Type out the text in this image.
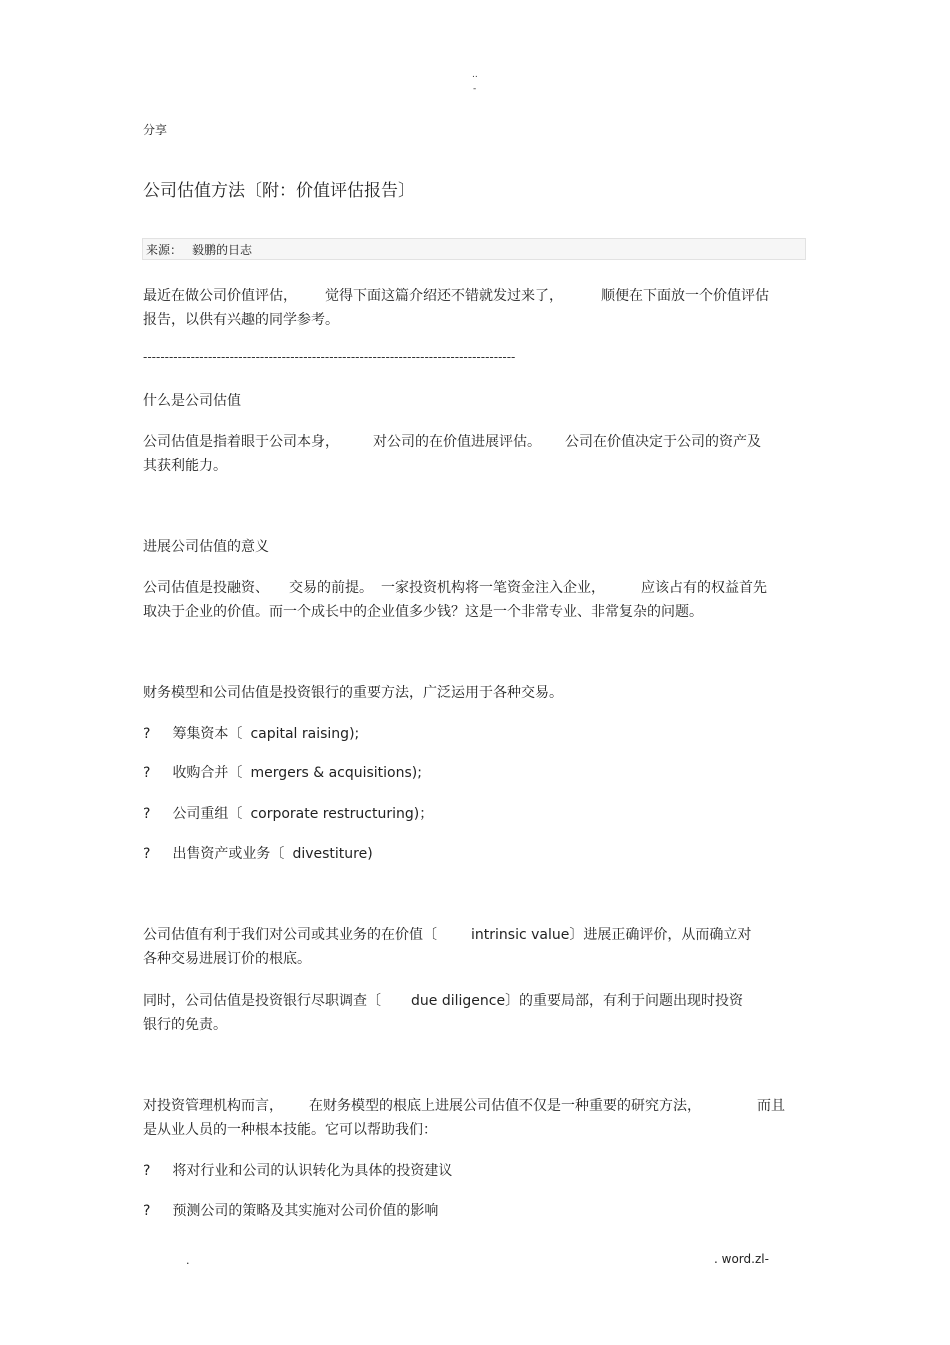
..
-
分享
公司估值方法〔附：价值评估报告〕
来源： 毅鹏的日志
最近在做公司价值评估， 觉得下面这篇介绍还不错就发过来了，	顺便在下面放一个价值评估
报告，以供有兴趣的同学参考。
--------------------------------------------------------------------------------------
什么是公司估值
公司估值是指着眼于公司本身， 对公司的在价值进展评估。 公司在价值决定于公司的资产及
其获利能力。
进展公司估值的意义
公司估值是投融资、 交易的前提。 一家投资机构将一笔资金注入企业，	应该占有的权益首先
取决于企业的价值。而一个成长中的企业值多少钱？这是一个非常专业、非常复杂的问题。
财务模型和公司估值是投资银行的重要方法，广泛运用于各种交易。
? 筹集资本〔 capital raising);
? 收购合并〔 mergers & acquisitions);
? 公司重组〔 corporate restructuring)；
? 出售资产或业务〔 divestiture)
公司估值有利于我们对公司或其业务的在价值〔 intrinsic value〕进展正确评价，从而确立对
各种交易进展订价的根底。
同时，公司估值是投资银行尽职调查〔 due diligence〕的重要局部，有利于问题出现时投资
银行的免责。
对投资管理机构而言， 在财务模型的根底上进展公司估值不仅是一种重要的研究方法，	而且
是从业人员的一种根本技能。它可以帮助我们：
? 将对行业和公司的认识转化为具体的投资建议
? 预测公司的策略及其实施对公司价值的影响
.	. word.zl-
